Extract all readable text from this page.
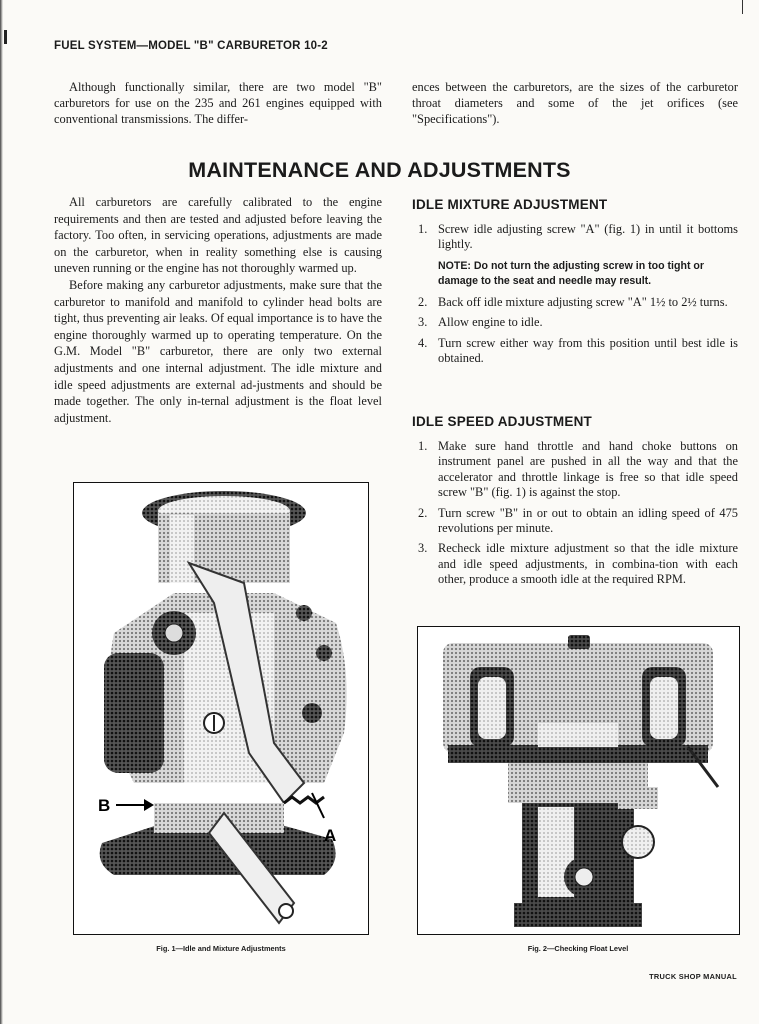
FUEL SYSTEM—MODEL "B" CARBURETOR 10-2

Although functionally similar, there are two model "B" carburetors for use on the 235 and 261 engines equipped with conventional transmissions. The differ-

ences between the carburetors, are the sizes of the carburetor throat diameters and some of the jet orifices (see "Specifications").

MAINTENANCE AND ADJUSTMENTS

All carburetors are carefully calibrated to the engine requirements and then are tested and adjusted before leaving the factory. Too often, in servicing operations, adjustments are made on the carburetor, when in reality something else is causing uneven running or the engine has not thoroughly warmed up.

Before making any carburetor adjustments, make sure that the carburetor to manifold and manifold to cylinder head bolts are tight, thus preventing air leaks. Of equal importance is to have the engine thoroughly warmed up to operating temperature. On the G.M. Model "B" carburetor, there are only two external adjustments and one internal adjustment. The idle mixture and idle speed adjustments are external ad-justments and should be made together. The only in-ternal adjustment is the float level adjustment.

IDLE MIXTURE ADJUSTMENT
1. Screw idle adjusting screw "A" (fig. 1) in until it bottoms lightly.
NOTE: Do not turn the adjusting screw in too tight or damage to the seat and needle may result.
2. Back off idle mixture adjusting screw "A" 1½ to 2½ turns.
3. Allow engine to idle.
4. Turn screw either way from this position until best idle is obtained.
IDLE SPEED ADJUSTMENT
1. Make sure hand throttle and hand choke buttons on instrument panel are pushed in all the way and that the accelerator and throttle linkage is free so that idle speed screw "B" (fig. 1) is against the stop.
2. Turn screw "B" in or out to obtain an idling speed of 475 revolutions per minute.
3. Recheck idle mixture adjustment so that the idle mixture and idle speed adjustments, in combina-tion with each other, produce a smooth idle at the required RPM.
B
A
Fig. 1—Idle and Mixture Adjustments	Fig. 2—Checking Float Level
TRUCK SHOP MANUAL
